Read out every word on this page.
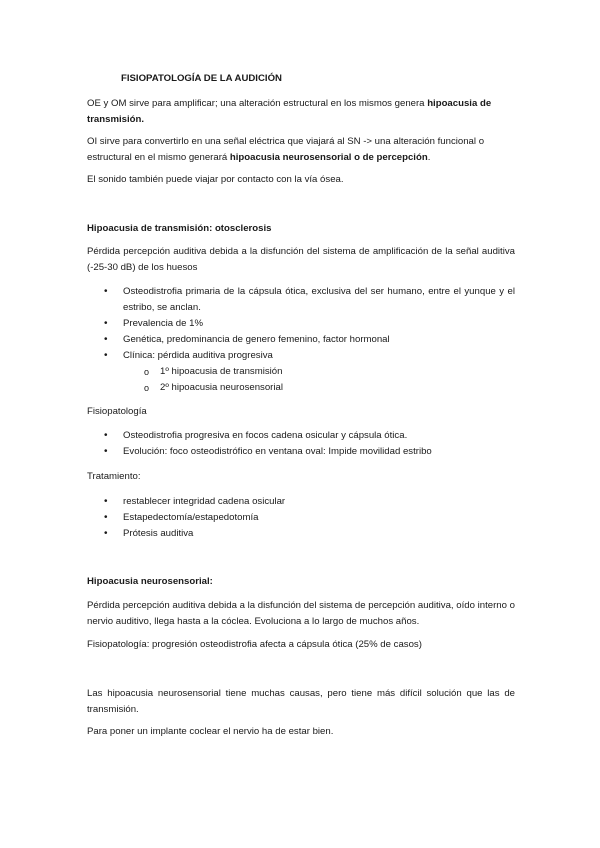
FISIOPATOLOGÍA DE LA AUDICIÓN
OE y OM sirve para amplificar; una alteración estructural en los mismos genera hipoacusia de transmisión.
OI sirve para convertirlo en una señal eléctrica que viajará al SN -> una alteración funcional o estructural en el mismo generará hipoacusia neurosensorial o de percepción.
El sonido también puede viajar por contacto con la vía ósea.
Hipoacusia de transmisión: otosclerosis
Pérdida percepción auditiva debida a la disfunción del sistema de amplificación de la señal auditiva (-25-30 dB) de los huesos
• Osteodistrofia primaria de la cápsula ótica, exclusiva del ser humano, entre el yunque y el estribo, se anclan.
• Prevalencia de 1%
• Genética, predominancia de genero femenino, factor hormonal
• Clínica: pérdida auditiva progresiva
o 1º hipoacusia de transmisión
o 2º hipoacusia neurosensorial
Fisiopatología
• Osteodistrofia progresiva en focos cadena osicular y cápsula ótica.
• Evolución: foco osteodistrófico en ventana oval: Impide movilidad estribo
Tratamiento:
• restablecer integridad cadena osicular
• Estapedectomía/estapedotomía
• Prótesis auditiva
Hipoacusia neurosensorial:
Pérdida percepción auditiva debida a la disfunción del sistema de percepción auditiva, oído interno o nervio auditivo, llega hasta a la cóclea. Evoluciona a lo largo de muchos años.
Fisiopatología: progresión osteodistrofia afecta a cápsula ótica (25% de casos)
Las hipoacusia neurosensorial tiene muchas causas, pero tiene más difícil solución que las de transmisión.
Para poner un implante coclear el nervio ha de estar bien.
